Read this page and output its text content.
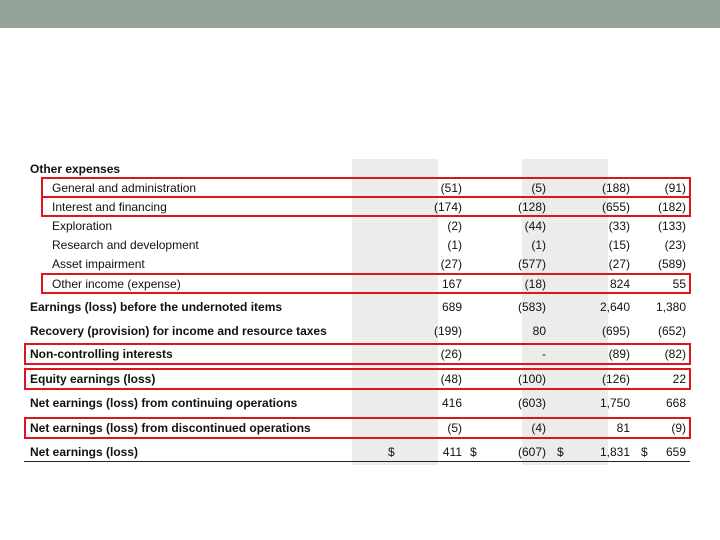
Other expenses
General and administration	(51)	(5)	(188)	(91)
Interest and financing	(174)	(128)	(655) (182)
Exploration	(2)	(44)	(33) (133)
Research and development	(1)	(1)	(15)	(23)
Asset impairment	(27)	(577)	(27) (589)
Other income (expense)	167	(18)	824	55
Earnings (loss) before the undernoted items	689	(583)	2,640 1,380
Recovery (provision) for income and resource taxes	(199)	80	(695) (652)
Non-controlling interests	(26)	-	(89)	(82)
Equity earnings (loss)	(48)	(100)	(126)	22
Net earnings (loss) from continuing operations	416	(603)	1,750	668
Net earnings (loss) from discontinued operations	(5)	(4)	81	(9)
Net earnings (loss)	$	411 $	(607) $	1,831 $ 659
